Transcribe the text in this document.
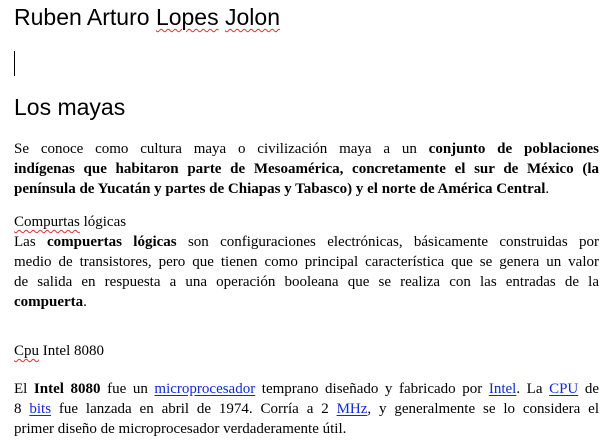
Ruben Arturo Lopes Jolon
Los mayas
Se conoce como cultura maya o civilización maya a un conjunto de poblaciones
indígenas que habitaron parte de Mesoamérica, concretamente el sur de México (la
península de Yucatán y partes de Chiapas y Tabasco) y el norte de América Central.
Compurtas lógicas
Las compuertas lógicas son configuraciones electrónicas, básicamente construidas por
medio de transistores, pero que tienen como principal característica que se genera un valor
de salida en respuesta a una operación booleana que se realiza con las entradas de la
compuerta.
Cpu Intel 8080
El Intel 8080 fue un microprocesador temprano diseñado y fabricado por Intel. La CPU de
8 bits fue lanzada en abril de 1974. Corría a 2 MHz, y generalmente se lo considera el
primer diseño de microprocesador verdaderamente útil.
